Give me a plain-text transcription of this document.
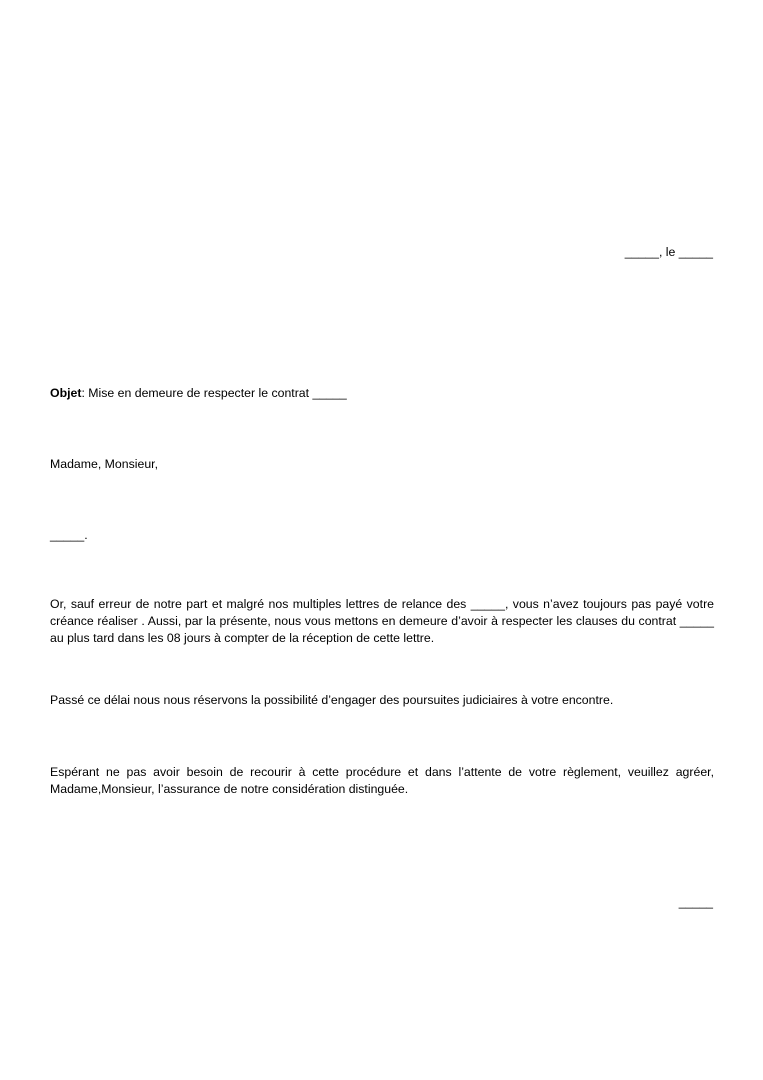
_____, le _____
Objet: Mise en demeure de respecter le contrat _____
Madame, Monsieur,
_____.
Or, sauf erreur de notre part et malgré nos multiples lettres de relance des _____, vous n’avez toujours pas payé votre créance réaliser . Aussi, par la présente, nous vous mettons en demeure d’avoir à respecter les clauses du contrat _____ au plus tard dans les 08 jours à compter de la réception de cette lettre.
Passé ce délai nous nous réservons la possibilité d’engager des poursuites judiciaires à votre encontre.
Espérant ne pas avoir besoin de recourir à cette procédure et dans l’attente de votre règlement, veuillez agréer, Madame,Monsieur, l’assurance de notre considération distinguée.
_____
